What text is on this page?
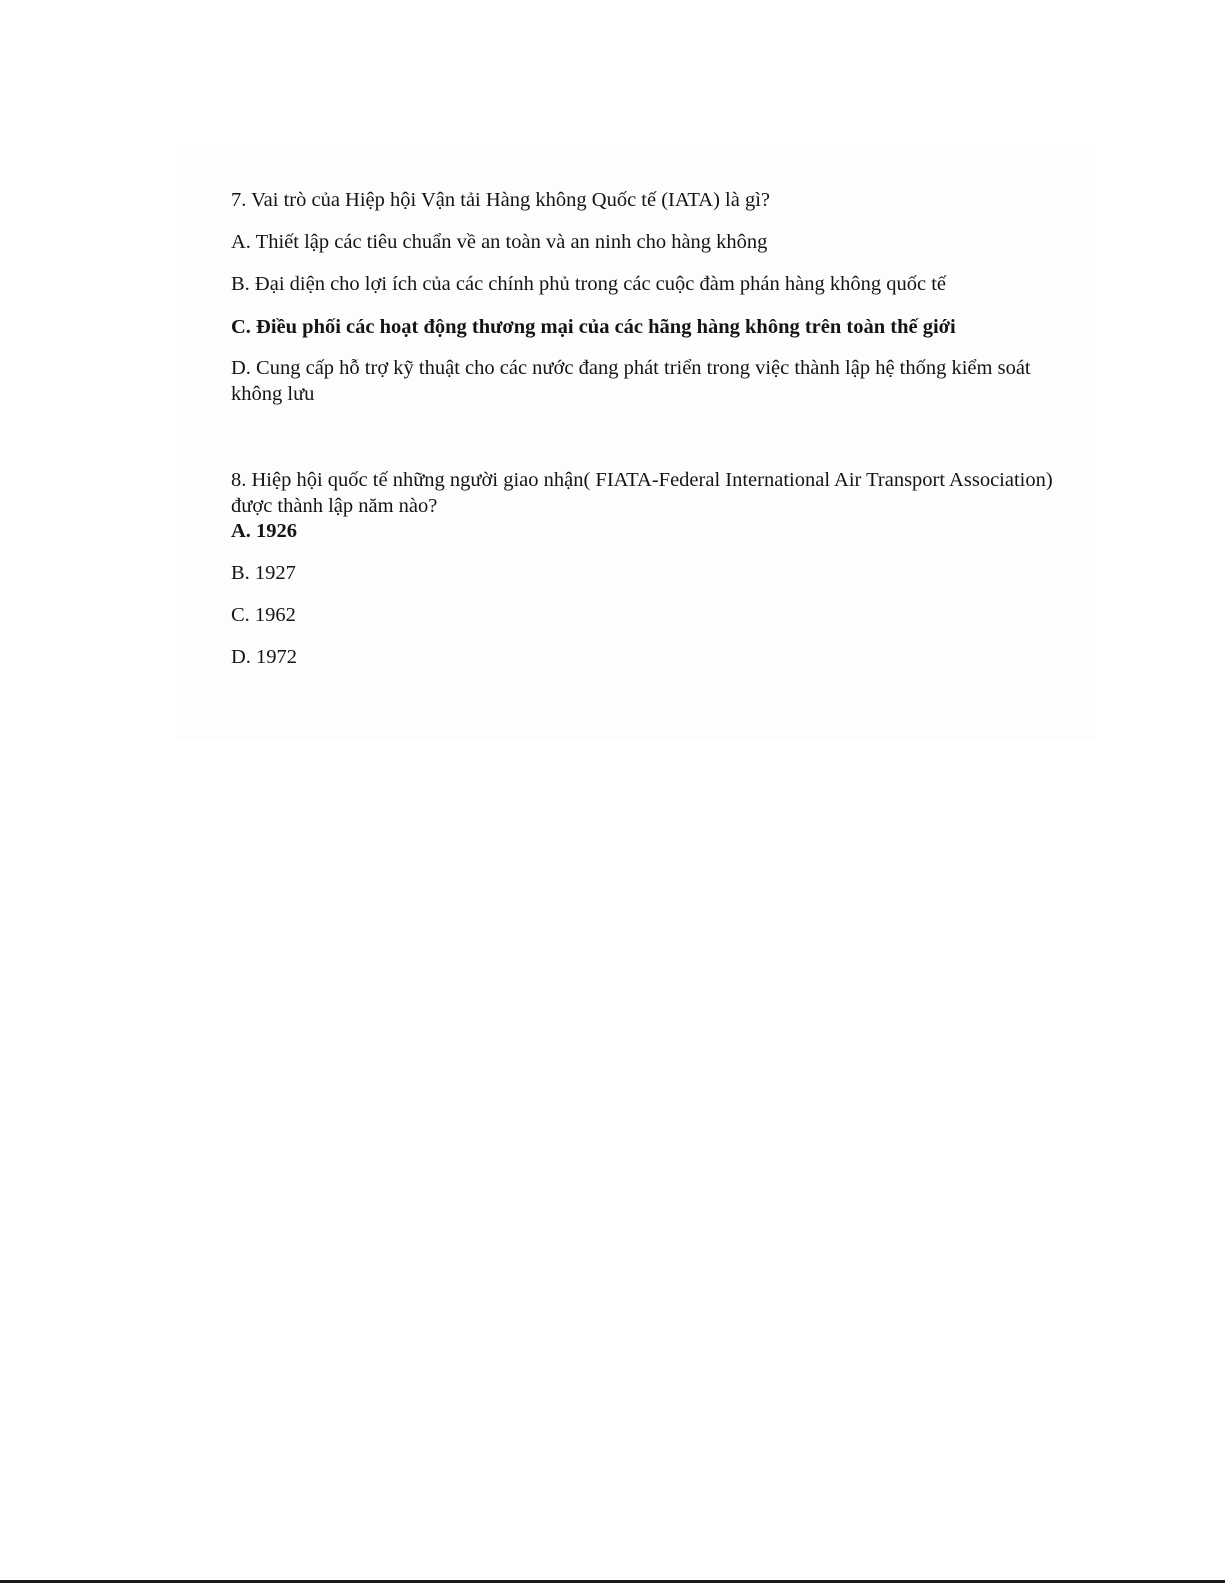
7. Vai trò của Hiệp hội Vận tải Hàng không Quốc tế (IATA) là gì?
A. Thiết lập các tiêu chuẩn về an toàn và an ninh cho hàng không
B. Đại diện cho lợi ích của các chính phủ trong các cuộc đàm phán hàng không quốc tế
C. Điều phối các hoạt động thương mại của các hãng hàng không trên toàn thế giới
D. Cung cấp hỗ trợ kỹ thuật cho các nước đang phát triển trong việc thành lập hệ thống kiểm soát không lưu
8. Hiệp hội quốc tế những người giao nhận( FIATA-Federal International Air Transport Association) được thành lập năm nào?
A. 1926
B. 1927
C. 1962
D. 1972
